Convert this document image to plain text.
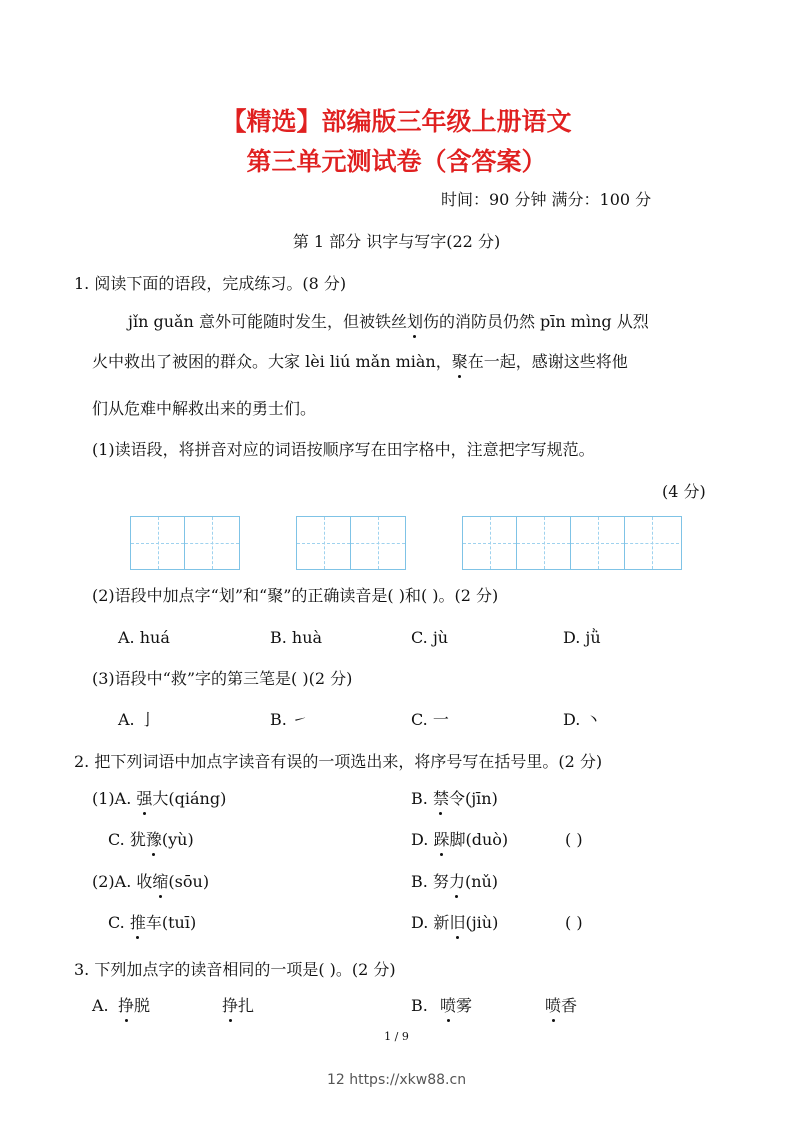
【精选】部编版三年级上册语文
第三单元测试卷（含答案）
时间：90 分钟 满分：100 分
第 1 部分 识字与写字(22 分)
1. 阅读下面的语段，完成练习。(8 分)
jǐn guǎn 意外可能随时发生，但被铁丝划伤的消防员仍然 pīn mìng 从烈
火中救出了被困的群众。大家 lèi liú mǎn miàn，聚在一起，感谢这些将他
们从危难中解救出来的勇士们。
(1)读语段，将拼音对应的词语按顺序写在田字格中，注意把字写规范。
(4 分)
(2)语段中加点字“划”和“聚”的正确读音是( )和( )。(2 分)
A. huá	B. huà	C. jù	D. jǜ
(3)语段中“救”字的第三笔是( )(2 分)
A. 亅	B. ㇀	C. 一	D. 丶
2. 把下列词语中加点字读音有误的一项选出来，将序号写在括号里。(2 分)
(1)A. 强大(qiáng)	B. 禁令(jīn)
C. 犹豫(yù)	D. 跺脚(duò)	( )
(2)A. 收缩(sōu)	B. 努力(nǔ)
C. 推车(tuī)	D. 新旧(jiù)	( )
3. 下列加点字的读音相同的一项是( )。(2 分)
A. 挣脱	挣扎	B. 喷雾	喷香
1 / 9
12 https://xkw88.cn
